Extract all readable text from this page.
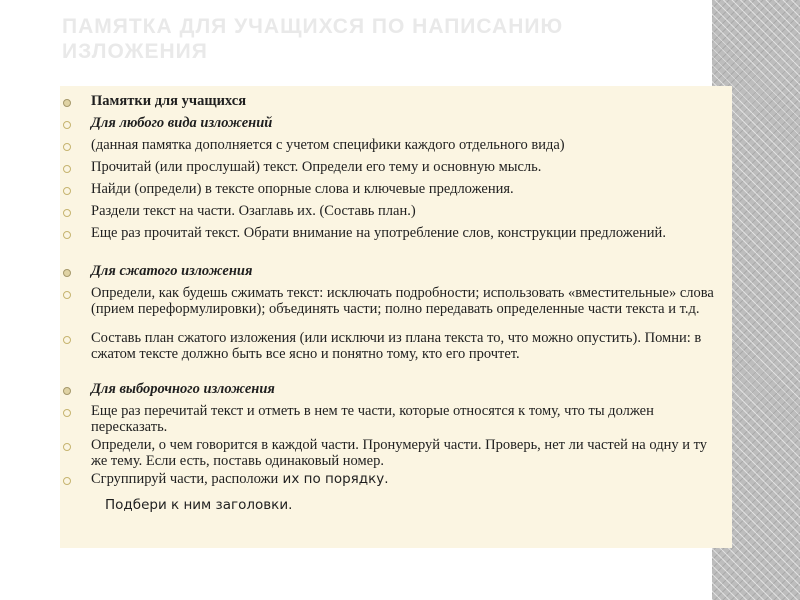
ПАМЯТКА ДЛЯ УЧАЩИХСЯ ПО НАПИСАНИЮ ИЗЛОЖЕНИЯ
Памятки для учащихся
Для любого вида изложений
(данная памятка дополняется с учетом специфики каждого отдельного вида)
Прочитай (или прослушай) текст. Определи его тему и основную мысль.
Найди (определи) в тексте опорные слова и ключевые предложения.
Раздели текст на части. Озаглавь их. (Составь план.)
Еще раз прочитай текст. Обрати внимание на употребление слов, конструкции предложений.
Для сжатого изложения
Определи, как будешь сжимать текст: исключать подробности; использовать «вместительные» слова (прием переформулировки); объединять части; полно передавать определенные части текста и т.д.
Составь план сжатого изложения (или исключи из плана текста то, что можно опустить). Помни: в сжатом тексте должно быть все ясно и понятно тому, кто его прочтет.
Для выборочного изложения
Еще раз перечитай текст и отметь в нем те части, которые относятся к тому, что ты должен пересказать.
Определи, о чем говорится в каждой части. Пронумеруй части. Проверь, нет ли частей на одну и ту же тему. Если есть, поставь одинаковый номер.
Сгруппируй части, расположи их по порядку.
Подбери к ним заголовки.
